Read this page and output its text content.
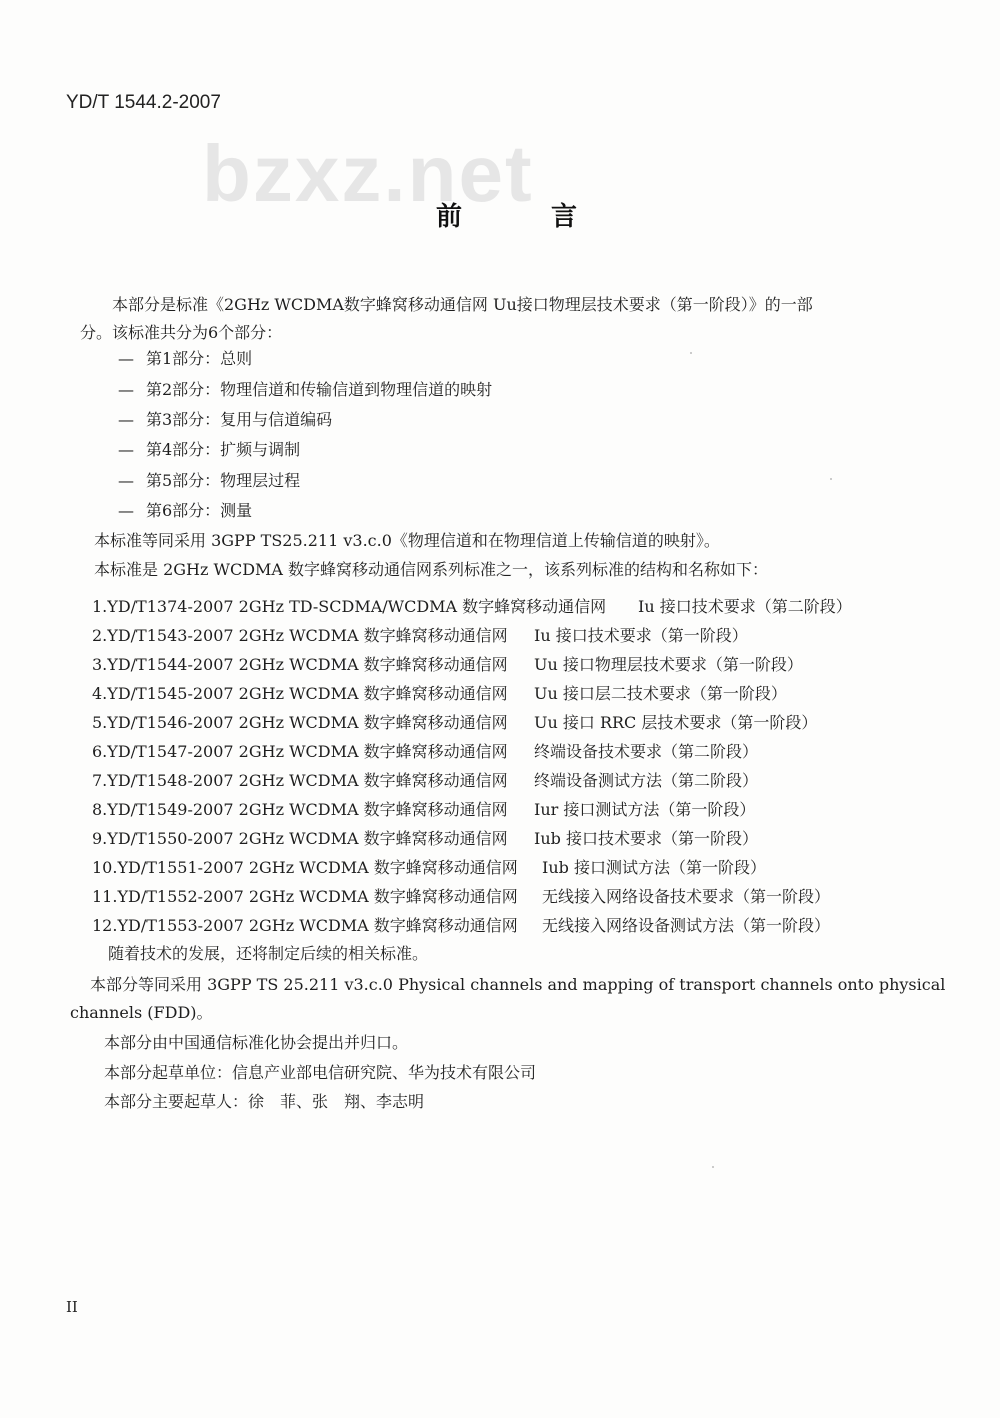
YD/T 1544.2-2007
bzxz.net
前 言
本部分是标准《2GHz WCDMA数字蜂窝移动通信网 Uu接口物理层技术要求（第一阶段）》的一部
分。该标准共分为6个部分：
— 第1部分：总则
— 第2部分：物理信道和传输信道到物理信道的映射
— 第3部分：复用与信道编码
— 第4部分：扩频与调制
— 第5部分：物理层过程
— 第6部分：测量
本标准等同采用 3GPP TS25.211 v3.c.0《物理信道和在物理信道上传输信道的映射》。
本标准是 2GHz WCDMA 数字蜂窝移动通信网系列标准之一，该系列标准的结构和名称如下：
1.YD/T1374-2007 2GHz TD-SCDMA/WCDMA 数字蜂窝移动通信网 Iu 接口技术要求（第二阶段）
2.YD/T1543-2007 2GHz WCDMA 数字蜂窝移动通信网 Iu 接口技术要求（第一阶段）
3.YD/T1544-2007 2GHz WCDMA 数字蜂窝移动通信网 Uu 接口物理层技术要求（第一阶段）
4.YD/T1545-2007 2GHz WCDMA 数字蜂窝移动通信网 Uu 接口层二技术要求（第一阶段）
5.YD/T1546-2007 2GHz WCDMA 数字蜂窝移动通信网 Uu 接口 RRC 层技术要求（第一阶段）
6.YD/T1547-2007 2GHz WCDMA 数字蜂窝移动通信网 终端设备技术要求（第二阶段）
7.YD/T1548-2007 2GHz WCDMA 数字蜂窝移动通信网 终端设备测试方法（第二阶段）
8.YD/T1549-2007 2GHz WCDMA 数字蜂窝移动通信网 Iur 接口测试方法（第一阶段）
9.YD/T1550-2007 2GHz WCDMA 数字蜂窝移动通信网 Iub 接口技术要求（第一阶段）
10.YD/T1551-2007 2GHz WCDMA 数字蜂窝移动通信网 Iub 接口测试方法（第一阶段）
11.YD/T1552-2007 2GHz WCDMA 数字蜂窝移动通信网 无线接入网络设备技术要求（第一阶段）
12.YD/T1553-2007 2GHz WCDMA 数字蜂窝移动通信网 无线接入网络设备测试方法（第一阶段）
随着技术的发展，还将制定后续的相关标准。
本部分等同采用 3GPP TS 25.211 v3.c.0 Physical channels and mapping of transport channels onto physical
channels (FDD)。
本部分由中国通信标准化协会提出并归口。
本部分起草单位：信息产业部电信研究院、华为技术有限公司
本部分主要起草人：徐　菲、张　翔、李志明
II
